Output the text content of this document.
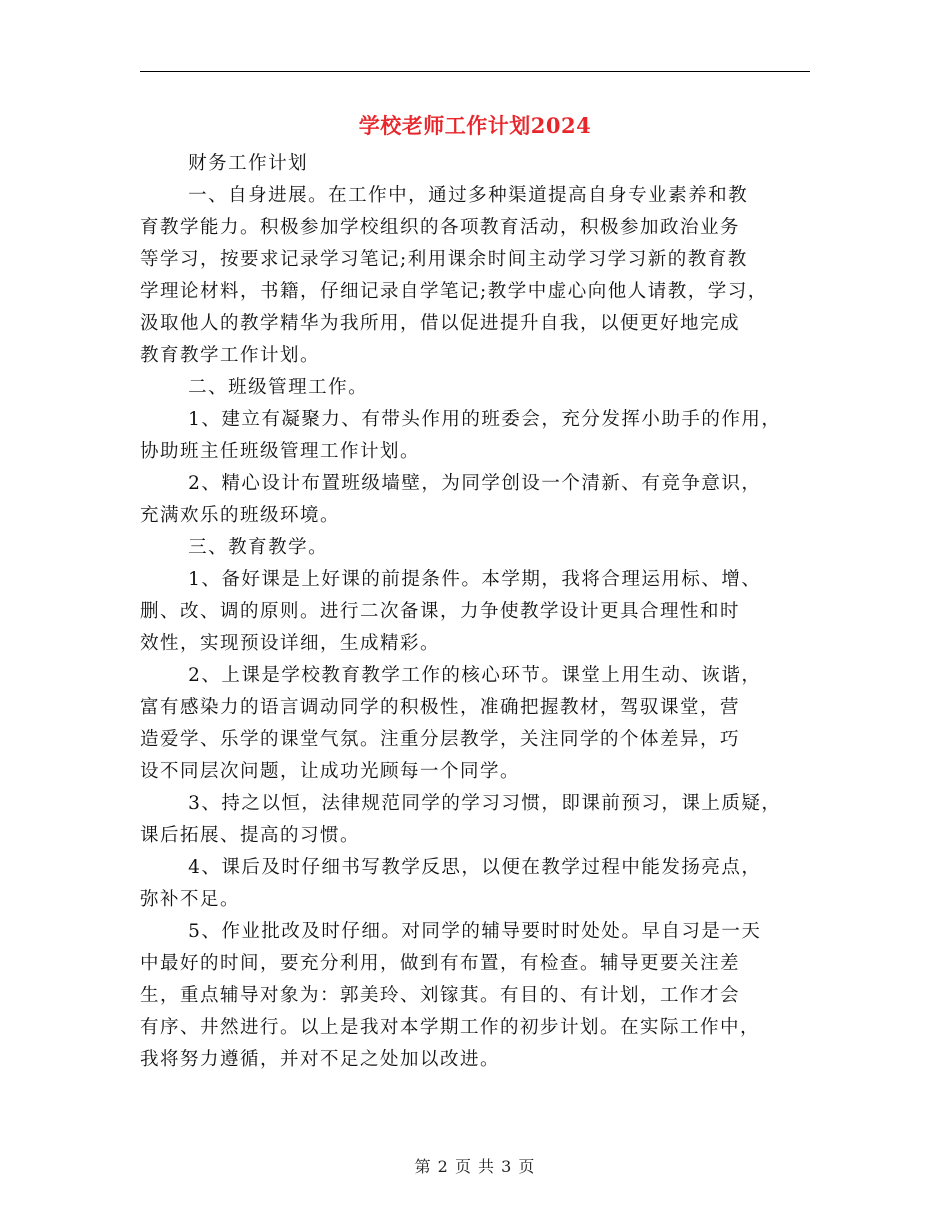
学校老师工作计划2024

财务工作计划

一、自身进展。在工作中，通过多种渠道提高自身专业素养和教
育教学能力。积极参加学校组织的各项教育活动，积极参加政治业务
等学习，按要求记录学习笔记;利用课余时间主动学习学习新的教育教
学理论材料，书籍，仔细记录自学笔记;教学中虚心向他人请教，学习，
汲取他人的教学精华为我所用，借以促进提升自我，以便更好地完成
教育教学工作计划。

二、班级管理工作。

1、建立有凝聚力、有带头作用的班委会，充分发挥小助手的作用，
协助班主任班级管理工作计划。

2、精心设计布置班级墙壁，为同学创设一个清新、有竞争意识，
充满欢乐的班级环境。

三、教育教学。

1、备好课是上好课的前提条件。本学期，我将合理运用标、增、
删、改、调的原则。进行二次备课，力争使教学设计更具合理性和时
效性，实现预设详细，生成精彩。

2、上课是学校教育教学工作的核心环节。课堂上用生动、诙谐，
富有感染力的语言调动同学的积极性，准确把握教材，驾驭课堂，营
造爱学、乐学的课堂气氛。注重分层教学，关注同学的个体差异，巧
设不同层次问题，让成功光顾每一个同学。

3、持之以恒，法律规范同学的学习习惯，即课前预习，课上质疑，
课后拓展、提高的习惯。

4、课后及时仔细书写教学反思，以便在教学过程中能发扬亮点，
弥补不足。

5、作业批改及时仔细。对同学的辅导要时时处处。早自习是一天
中最好的时间，要充分利用，做到有布置，有检查。辅导更要关注差
生，重点辅导对象为：郭美玲、刘镓萁。有目的、有计划，工作才会
有序、井然进行。以上是我对本学期工作的初步计划。在实际工作中，
我将努力遵循，并对不足之处加以改进。

第 2 页 共 3 页
